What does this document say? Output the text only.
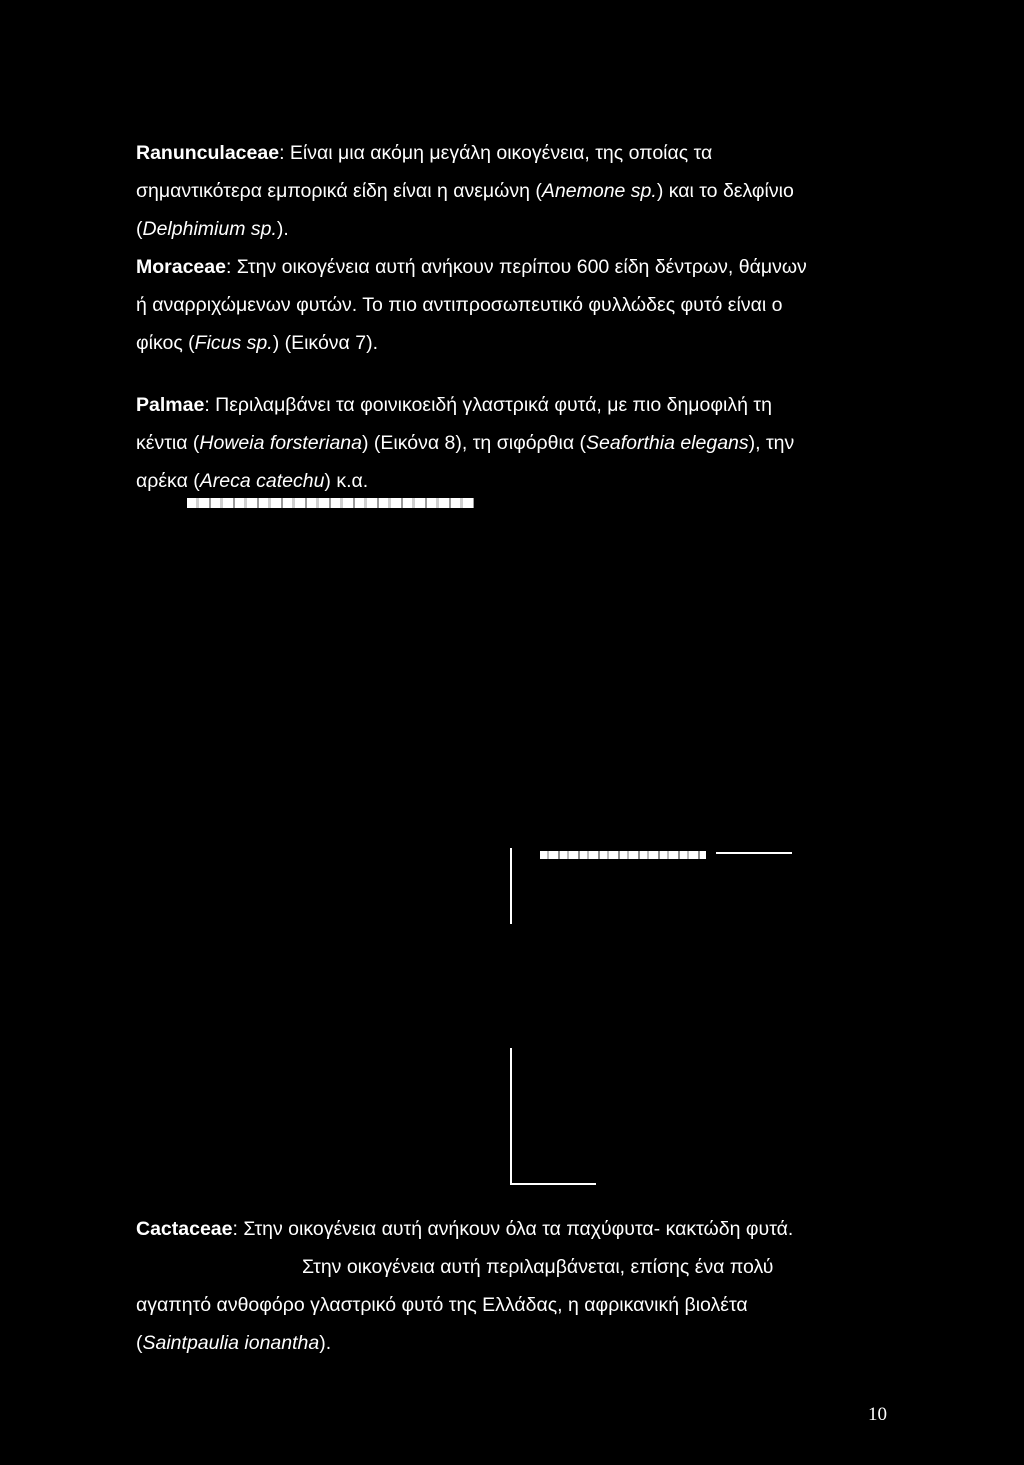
Ranunculaceae: Είναι μια ακόμη μεγάλη οικογένεια, της οποίας τα
σημαντικότερα εμπορικά είδη είναι η ανεμώνη (Anemone sp.) και το δελφίνιο
(Delphimium sp.).
Moraceae: Στην οικογένεια αυτή ανήκουν περίπου 600 είδη δέντρων, θάμνων
ή αναρριχώμενων φυτών. Το πιο αντιπροσωπευτικό φυλλώδες φυτό είναι ο
φίκος (Ficus sp.) (Εικόνα 7).
Palmae: Περιλαμβάνει τα φοινικοειδή γλαστρικά φυτά, με πιο δημοφιλή τη
κέντια (Howeia forsteriana) (Εικόνα 8), τη σιφόρθια (Seaforthia elegans), την
αρέκα (Areca catechu) κ.α.
Cactaceae: Στην οικογένεια αυτή ανήκουν όλα τα παχύφυτα- κακτώδη φυτά.
Στην οικογένεια αυτή περιλαμβάνεται, επίσης ένα πολύ
αγαπητό ανθοφόρο γλαστρικό φυτό της Ελλάδας, η αφρικανική βιολέτα
(Saintpaulia ionantha).
10
